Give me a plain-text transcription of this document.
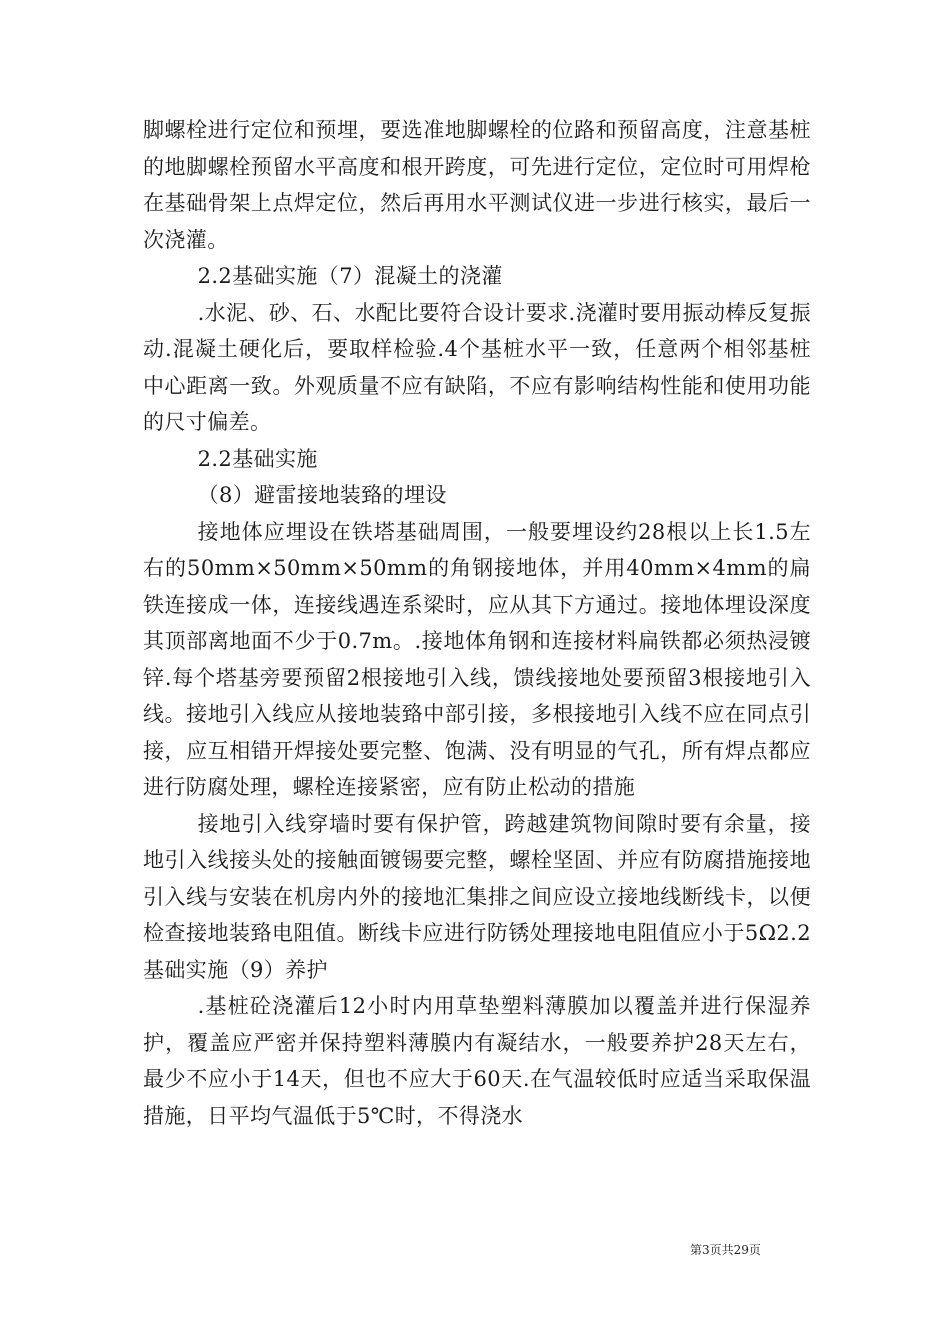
脚螺栓进行定位和预埋，要选准地脚螺栓的位路和预留高度，注意基桩的地脚螺栓预留水平高度和根开跨度，可先进行定位，定位时可用焊枪在基础骨架上点焊定位，然后再用水平测试仪进一步进行核实，最后一次浇灌。

2.2基础实施（7）混凝土的浇灌

.水泥、砂、石、水配比要符合设计要求.浇灌时要用振动棒反复振动.混凝土硬化后，要取样检验.4个基桩水平一致，任意两个相邻基桩中心距离一致。外观质量不应有缺陷，不应有影响结构性能和使用功能的尺寸偏差。

2.2基础实施

（8）避雷接地装臵的埋设

接地体应埋设在铁塔基础周围，一般要埋设约28根以上长1.5左右的50mm×50mm×50mm的角钢接地体，并用40mm×4mm的扁铁连接成一体，连接线遇连系梁时，应从其下方通过。接地体埋设深度其顶部离地面不少于0.7m。.接地体角钢和连接材料扁铁都必须热浸镀锌.每个塔基旁要预留2根接地引入线，馈线接地处要预留3根接地引入线。接地引入线应从接地装臵中部引接，多根接地引入线不应在同点引接，应互相错开焊接处要完整、饱满、没有明显的气孔，所有焊点都应进行防腐处理，螺栓连接紧密，应有防止松动的措施

接地引入线穿墙时要有保护管，跨越建筑物间隙时要有余量，接地引入线接头处的接触面镀锡要完整，螺栓坚固、并应有防腐措施接地引入线与安装在机房内外的接地汇集排之间应设立接地线断线卡，以便检查接地装臵电阻值。断线卡应进行防锈处理接地电阻值应小于5Ω2.2基础实施（9）养护

.基桩砼浇灌后12小时内用草垫塑料薄膜加以覆盖并进行保湿养护，覆盖应严密并保持塑料薄膜内有凝结水，一般要养护28天左右，最少不应小于14天，但也不应大于60天.在气温较低时应适当采取保温措施，日平均气温低于5℃时，不得浇水

第3页共29页
